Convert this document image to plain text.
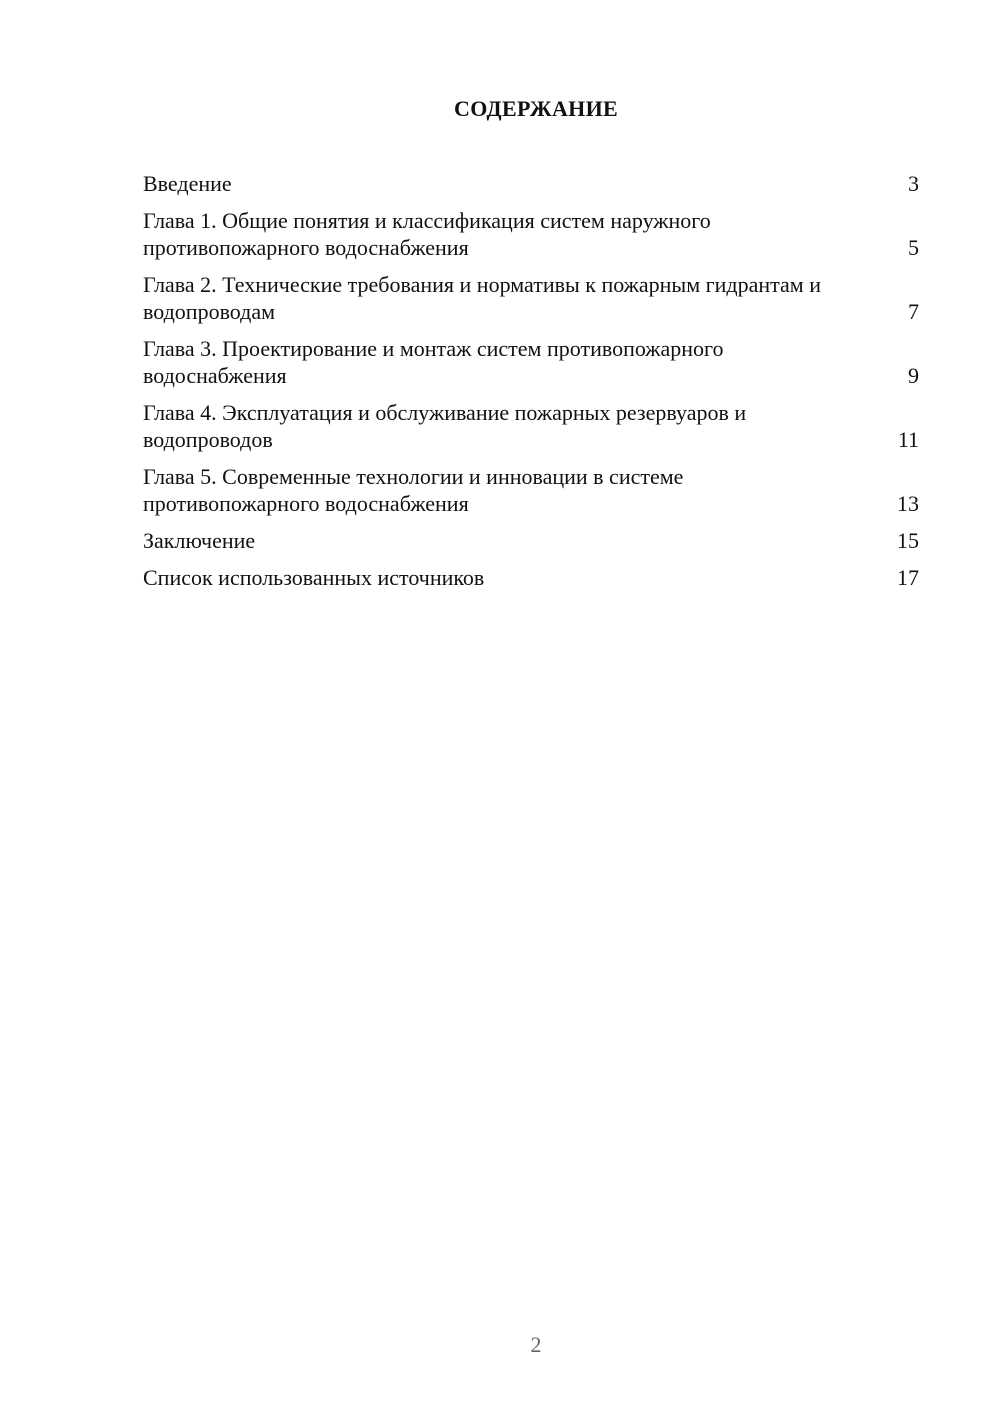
СОДЕРЖАНИЕ
Введение	3
Глава 1. Общие понятия и классификация систем наружного противопожарного водоснабжения	5
Глава 2. Технические требования и нормативы к пожарным гидрантам и водопроводам	7
Глава 3. Проектирование и монтаж систем противопожарного водоснабжения	9
Глава 4. Эксплуатация и обслуживание пожарных резервуаров и водопроводов	11
Глава 5. Современные технологии и инновации в системе противопожарного водоснабжения	13
Заключение	15
Список использованных источников	17
2
